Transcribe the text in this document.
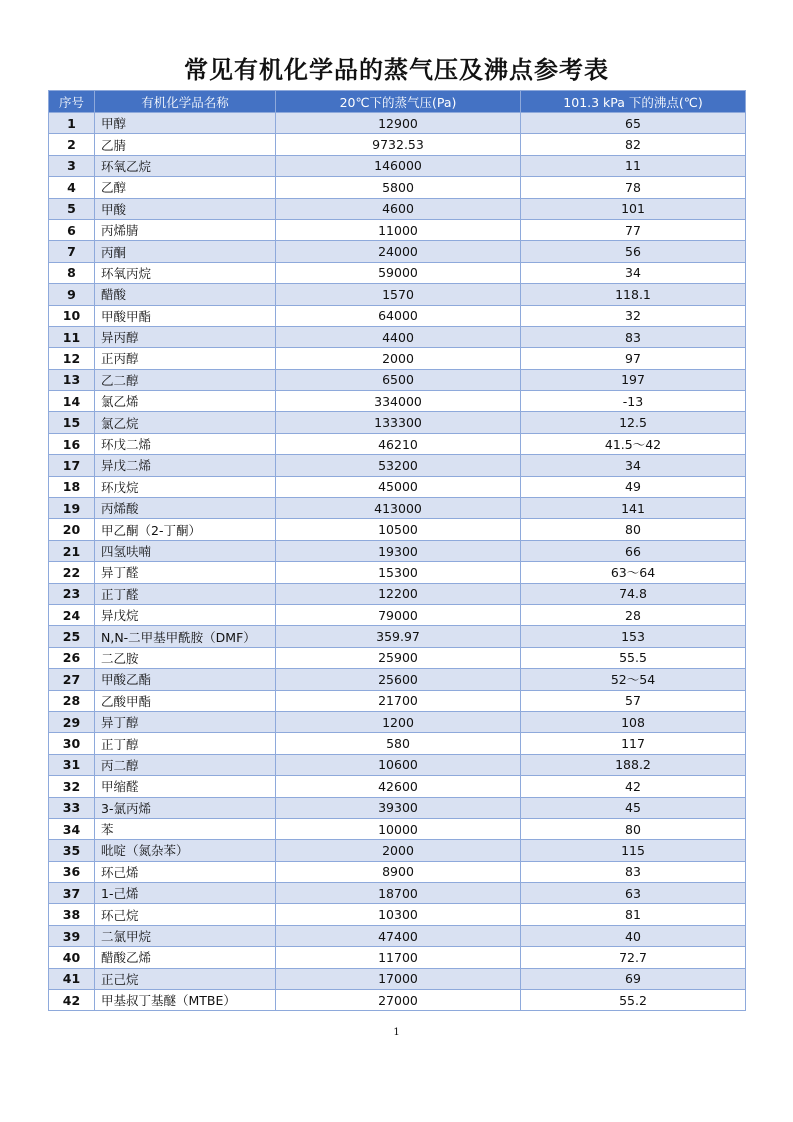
常见有机化学品的蒸气压及沸点参考表
序号	有机化学品名称	20℃下的蒸气压(Pa)	101.3 kPa 下的沸点(℃)
1	甲醇	12900	65
2	乙腈	9732.53	82
3	环氧乙烷	146000	11
4	乙醇	5800	78
5	甲酸	4600	101
6	丙烯腈	11000	77
7	丙酮	24000	56
8	环氧丙烷	59000	34
9	醋酸	1570	118.1
10	甲酸甲酯	64000	32
11	异丙醇	4400	83
12	正丙醇	2000	97
13	乙二醇	6500	197
14	氯乙烯	334000	-13
15	氯乙烷	133300	12.5
16	环戊二烯	46210	41.5～42
17	异戊二烯	53200	34
18	环戊烷	45000	49
19	丙烯酸	413000	141
20	甲乙酮（2-丁酮）	10500	80
21	四氢呋喃	19300	66
22	异丁醛	15300	63～64
23	正丁醛	12200	74.8
24	异戊烷	79000	28
25	N,N-二甲基甲酰胺（DMF）	359.97	153
26	二乙胺	25900	55.5
27	甲酸乙酯	25600	52～54
28	乙酸甲酯	21700	57
29	异丁醇	1200	108
30	正丁醇	580	117
31	丙二醇	10600	188.2
32	甲缩醛	42600	42
33	3-氯丙烯	39300	45
34	苯	10000	80
35	吡啶（氮杂苯）	2000	115
36	环己烯	8900	83
37	1-己烯	18700	63
38	环己烷	10300	81
39	二氯甲烷	47400	40
40	醋酸乙烯	11700	72.7
41	正己烷	17000	69
42	甲基叔丁基醚（MTBE）	27000	55.2
1
